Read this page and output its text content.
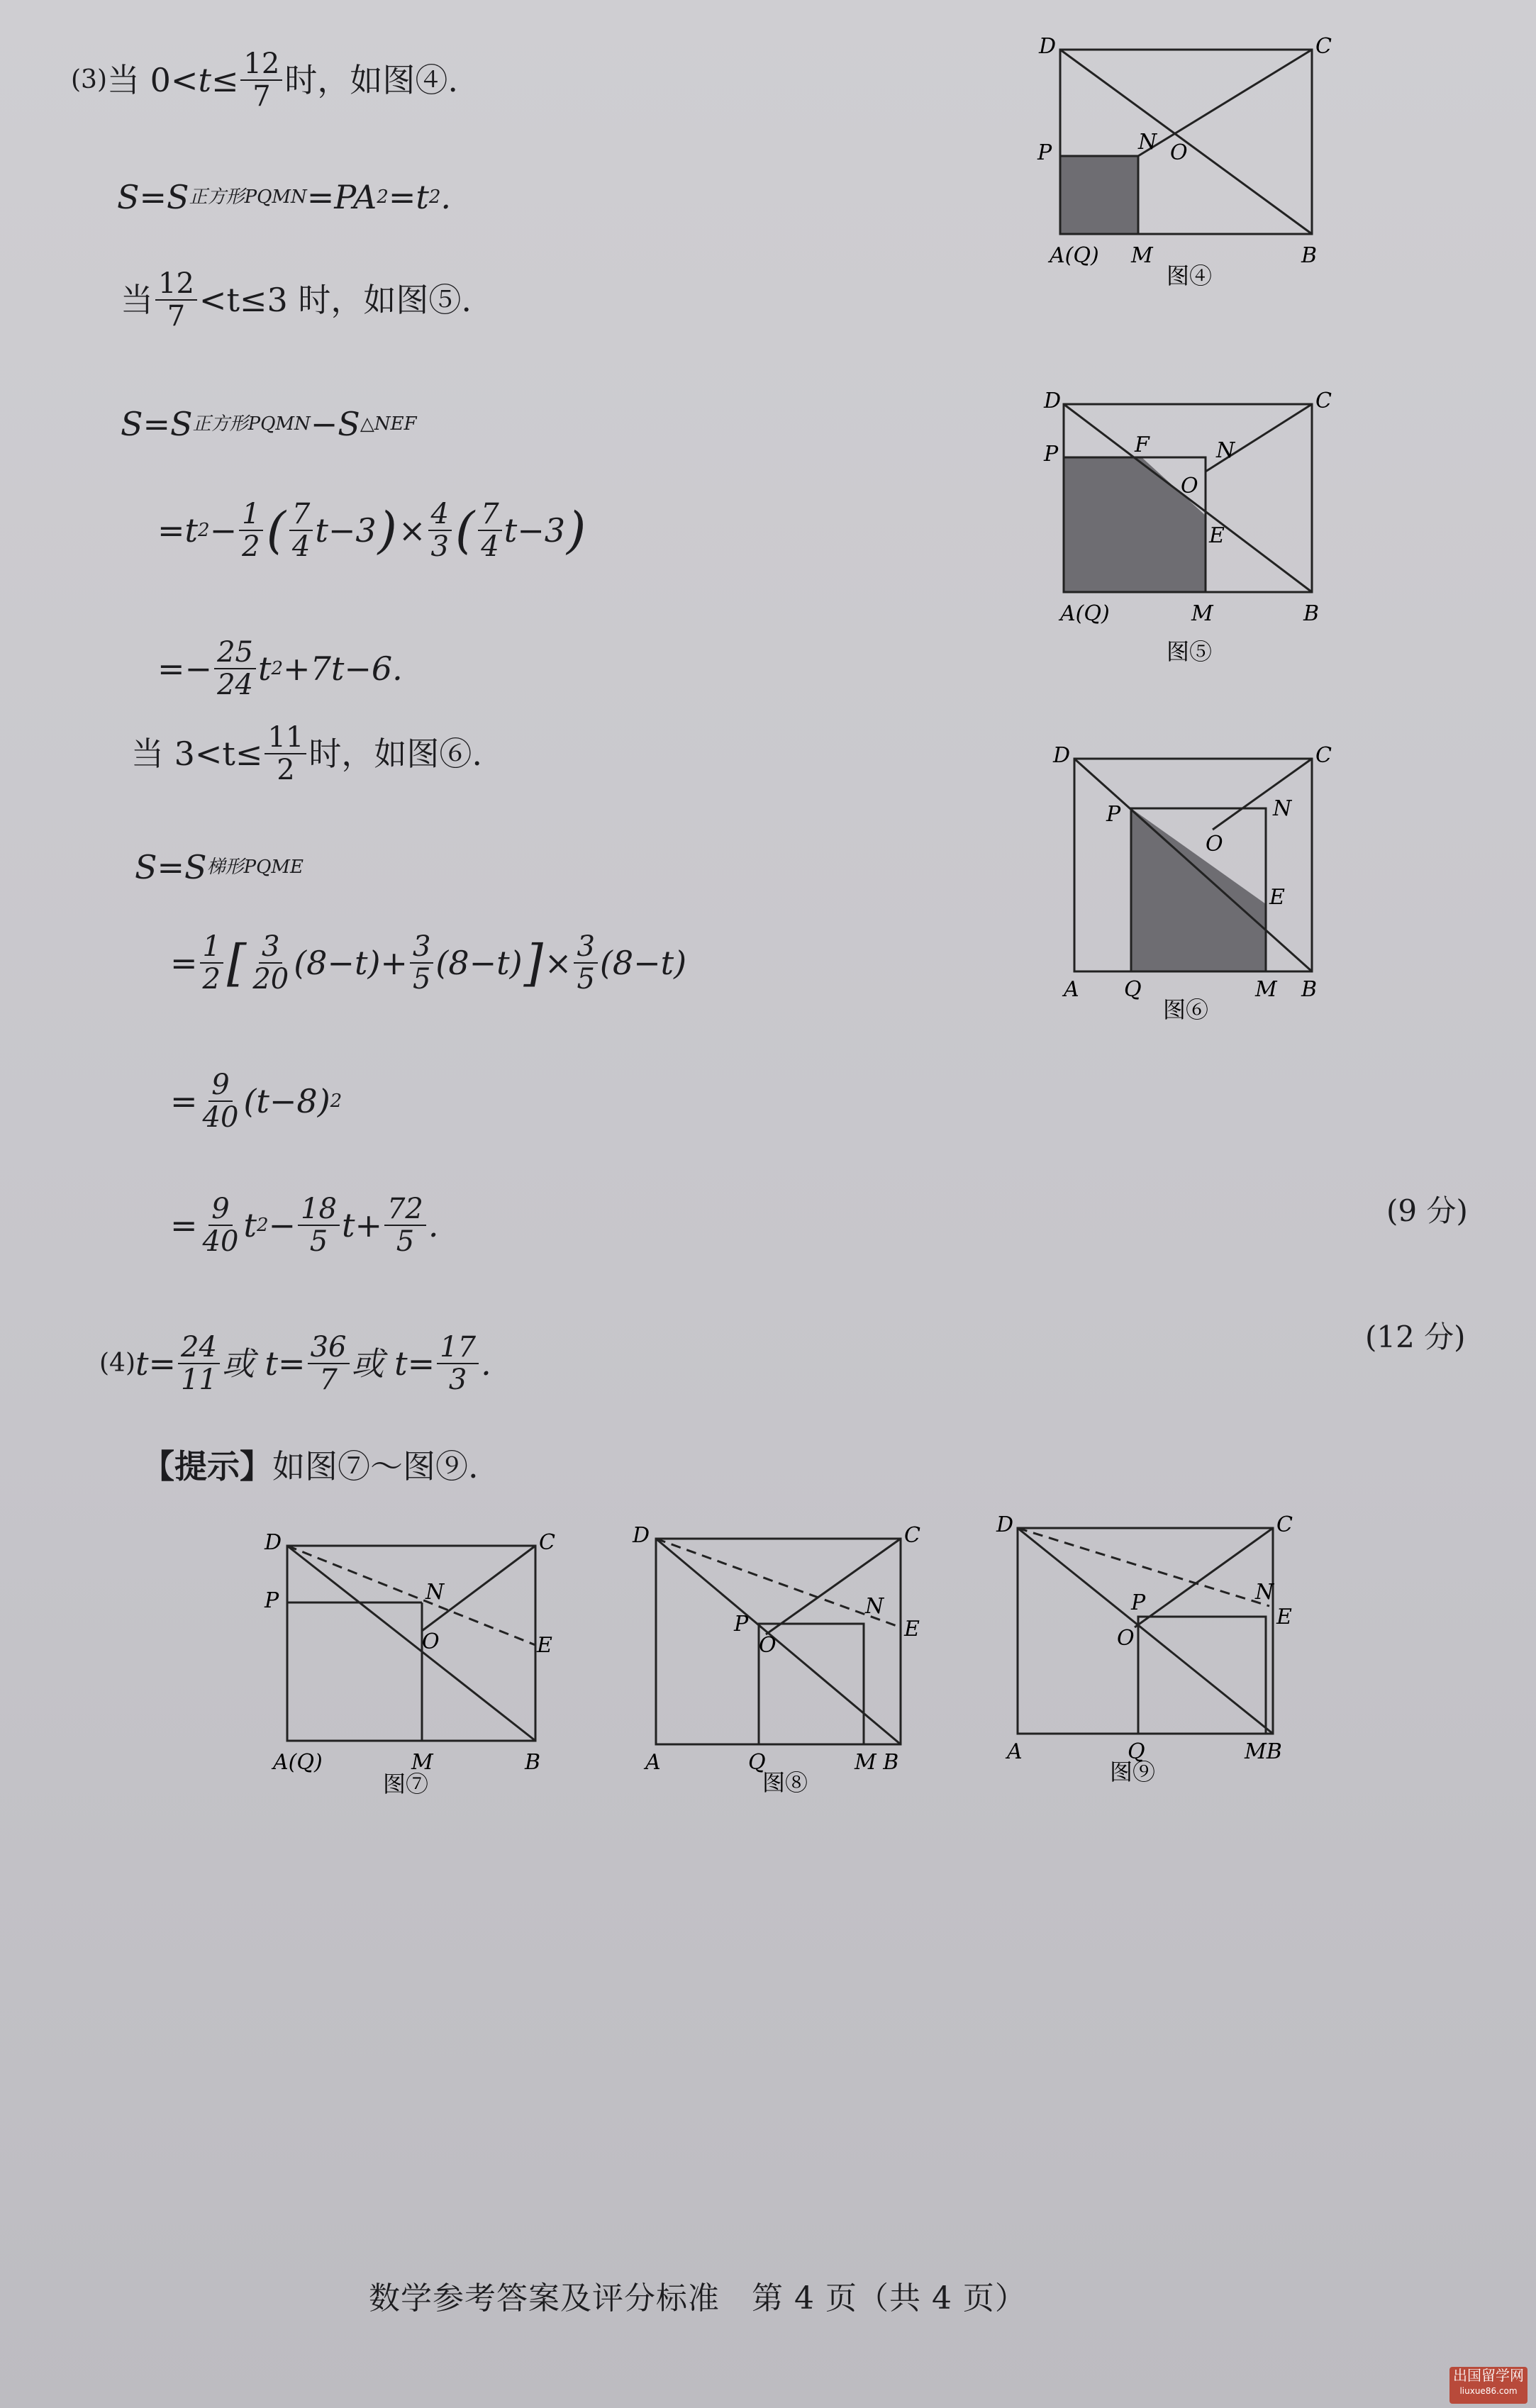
(3) 当 $0< t \le \frac{12}{7}$ 时，如图④.
S=S 正方形PQMN =PA 2 =t 2 .
当 $\frac{12}{7} <t\le 3$ 时，如图⑤.
S=S 正方形PQMN −S △NEF
=t $2 - \frac{1}{2}$ ( $\frac{7}{4} t-3$ ) × $\frac{4}{3}$ ( $\frac{7}{4} t-3$ )
=− $\frac{25}{24}$ t 2 +7t−6.
当 $3<t\le \frac{11}{2}$ 时，如图⑥.
S=S 梯形PQME
= $\frac{1}{2}$ [ $\frac{3}{20} (8-t)+ \frac{3}{5} (8-t)$ ] × $\frac{3}{5} (8-t)$
= $\frac{9}{40} (t-8)$ 2
= $\frac{9}{40}$ t $2 - \frac{18}{5} t+ \frac{72}{5}$ .	(9 分)
(4) $t= \frac{24}{11}$ 或 $t= \frac{36}{7}$ 或 $t= \frac{17}{3}$ .
(12 分)
【提示】 如图⑦～图⑨.
D	C
P	N O
A(Q) M	B
图④
D	C
P	F	N
O
E
A(Q)	M	B
图⑤
D	C
P	N
O
E
A Q	M B
图⑥
D	C
P	N
O	E
A(Q)	M	B
图⑦
D	C
P
N
O
E
A	Q	M B
图⑧
D	C
P	N
O
E
A	Q	MB
图⑨
数学参考答案及评分标准　第 4 页（共 4 页）
出国留学网
liuxue86.com
